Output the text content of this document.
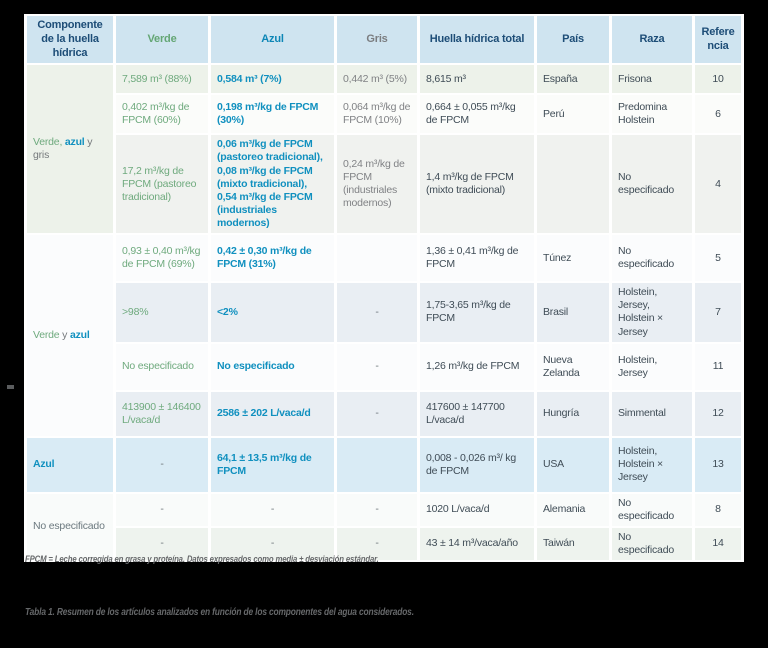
Componente de la huella hídrica	Verde	Azul	Gris	Huella hídrica total	País	Raza	Referencia
Verde, azul y gris	7,589 m³ (88%)	0,584 m³ (7%)	0,442 m³ (5%)	8,615 m³	España	Frisona	10
	0,402 m³/kg de FPCM (60%)	0,198 m³/kg de FPCM (30%)	0,064 m³/kg de FPCM (10%)	0,664 ± 0,055 m³/kg de FPCM	Perú	Predomina Holstein	6
	17,2 m³/kg de FPCM (pastoreo tradicional)	0,06 m³/kg de FPCM (pastoreo tradicional), 0,08 m³/kg de FPCM (mixto tradicional), 0,54 m³/kg de FPCM (industriales modernos)	0,24 m³/kg de FPCM (industriales modernos)	1,4 m³/kg de FPCM (mixto tradicional)		No especificado	4
Verde y azul	0,93 ± 0,40 m³/kg de FPCM (69%)	0,42 ± 0,30 m³/kg de FPCM (31%)		1,36 ± 0,41 m³/kg de FPCM	Túnez	No especificado	5
	>98%	<2%	-	1,75-3,65 m³/kg de FPCM	Brasil	Holstein, Jersey, Holstein × Jersey	7
	No especificado	No especificado	-	1,26 m³/kg de FPCM	Nueva Zelanda	Holstein, Jersey	11
	413900 ± 146400 L/vaca/d	2586 ± 202 L/vaca/d	-	417600 ± 147700 L/vaca/d	Hungría	Simmental	12
Azul	-	64,1 ± 13,5 m³/kg de FPCM		0,008 - 0,026 m³/ kg de FPCM	USA	Holstein, Holstein × Jersey	13
No especificado	-	-	-	1020 L/vaca/d	Alemania	No especificado	8
	-	-	-	43 ± 14 m³/vaca/año	Taiwán	No especificado	14
FPCM = Leche corregida en grasa y proteína. Datos expresados como media ± desviación estándar.
Tabla 1. Resumen de los artículos analizados en función de los componentes del agua considerados.
